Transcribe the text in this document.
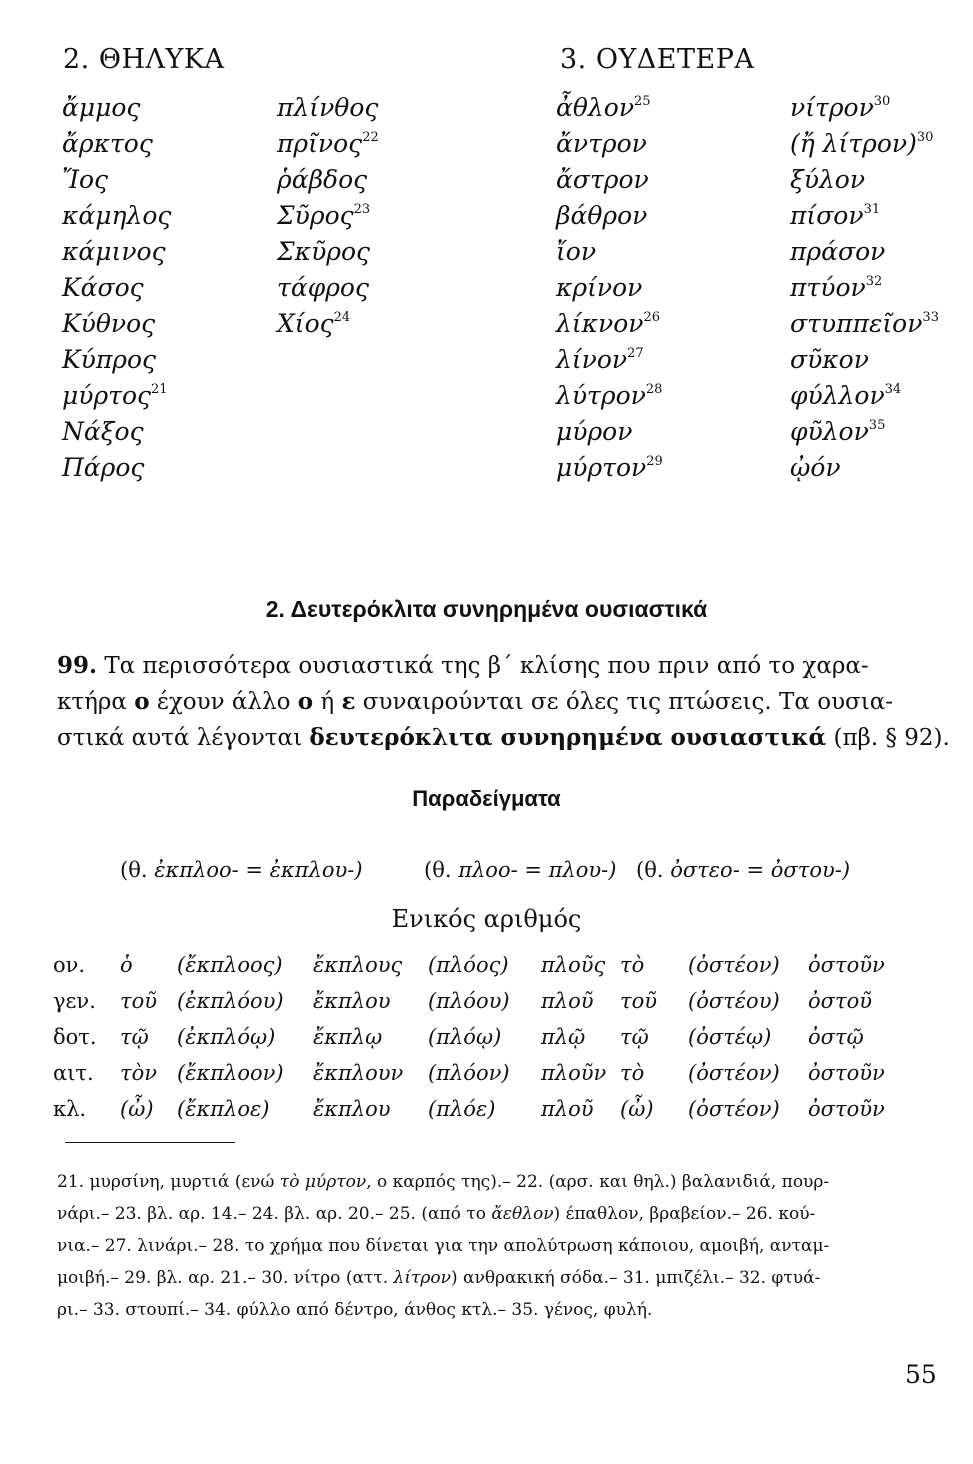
2. ΘΗΛΥΚΑ	3. ΟΥΔΕΤΕΡΑ
ἄμμος
ἄρκτος
Ἴος
κάμηλος
κάμινος
Κάσος
Κύθνος
Κύπρος
μύρτος$^{21}$
Νάξος
Πάρος
πλίνθος
πρῖνος$^{22}$
ῥάβδος
Σῦρος$^{23}$
Σκῦρος
τάφρος
Χίος$^{24}$
ἆθλον$^{25}$
ἄντρον
ἄστρον
βάθρον
ἴον
κρίνον
λίκνον$^{26}$
λίνον$^{27}$
λύτρον$^{28}$
μύρον
μύρτον$^{29}$
νίτρον$^{30}$
(ἤ λίτρον)$^{30}$
ξύλον
πίσον$^{31}$
πράσον
πτύον$^{32}$
στυππεῖον$^{33}$
σῦκον
φύλλον$^{34}$
φῦλον$^{35}$
ᾠόν
2. Δευτερόκλιτα συνηρημένα ουσιαστικά
99. Τα περισσότερα ουσιαστικά της β΄ κλίσης που πριν από το χαρα-
κτήρα ο έχουν άλλο ο ή ε συναιρούνται σε όλες τις πτώσεις. Τα ουσια-
στικά αυτά λέγονται δευτερόκλιτα συνηρημένα ουσιαστικά (πβ. § 92).
Παραδείγματα
(θ. ἐκπλοο- = ἐκπλου-)	(θ. πλοο- = πλου-) (θ. ὀστεο- = ὀστου-)
Ενικός αριθμός
ον. ὁ (ἔκπλοος) ἔκπλους (πλόος) πλοῦς τὸ (ὀστέον) ὀστοῦν
γεν. τοῦ (ἐκπλόου) ἔκπλου (πλόου) πλοῦ τοῦ (ὀστέου) ὀστοῦ
δοτ. τῷ (ἐκπλόῳ) ἔκπλῳ (πλόῳ) πλῷ τῷ (ὀστέῳ) ὀστῷ
αιτ. τὸν (ἔκπλοον) ἔκπλουν (πλόον) πλοῦν τὸ (ὀστέον) ὀστοῦν
κλ. (ὦ) (ἔκπλοε) ἔκπλου (πλόε) πλοῦ (ὦ) (ὀστέον) ὀστοῦν
21. μυρσίνη, μυρτιά (ενώ τὸ μύρτον, ο καρπός της).– 22. (αρσ. και θηλ.) βαλανιδιά, πουρ-
νάρι.– 23. βλ. αρ. 14.– 24. βλ. αρ. 20.– 25. (από το ἄεθλον) έπαθλον, βραβείον.– 26. κού-
νια.– 27. λινάρι.– 28. το χρήμα που δίνεται για την απολύτρωση κάποιου, αμοιβή, ανταμ-
μοιβή.– 29. βλ. αρ. 21.– 30. νίτρο (αττ. λίτρον) ανθρακική σόδα.– 31. μπιζέλι.– 32. φτυά-
ρι.– 33. στουπί.– 34. φύλλο από δέντρο, άνθος κτλ.– 35. γένος, φυλή.
55
